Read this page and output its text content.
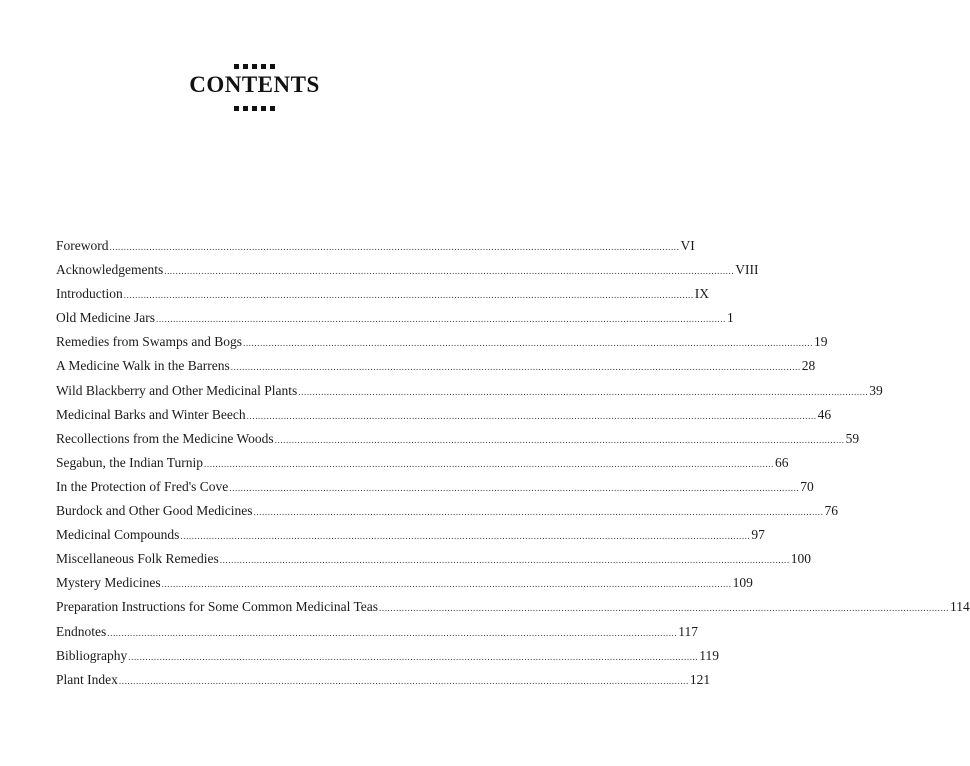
CONTENTS
Foreword ........................................................................................................................................................................................................ VI
Acknowledgements ........................................................................................................................................................................................................ VIII
Introduction ........................................................................................................................................................................................................ IX
Old Medicine Jars ........................................................................................................................................................................................................ 1
Remedies from Swamps and Bogs ........................................................................................................................................................................................................ 19
A Medicine Walk in the Barrens ........................................................................................................................................................................................................ 28
Wild Blackberry and Other Medicinal Plants ........................................................................................................................................................................................................ 39
Medicinal Barks and Winter Beech ........................................................................................................................................................................................................ 46
Recollections from the Medicine Woods ........................................................................................................................................................................................................ 59
Segabun, the Indian Turnip ........................................................................................................................................................................................................ 66
In the Protection of Fred's Cove ........................................................................................................................................................................................................ 70
Burdock and Other Good Medicines ........................................................................................................................................................................................................ 76
Medicinal Compounds ........................................................................................................................................................................................................ 97
Miscellaneous Folk Remedies ........................................................................................................................................................................................................ 100
Mystery Medicines ........................................................................................................................................................................................................ 109
Preparation Instructions for Some Common Medicinal Teas ........................................................................................................................................................................................................ 114
Endnotes ........................................................................................................................................................................................................ 117
Bibliography ........................................................................................................................................................................................................ 119
Plant Index ........................................................................................................................................................................................................ 121
